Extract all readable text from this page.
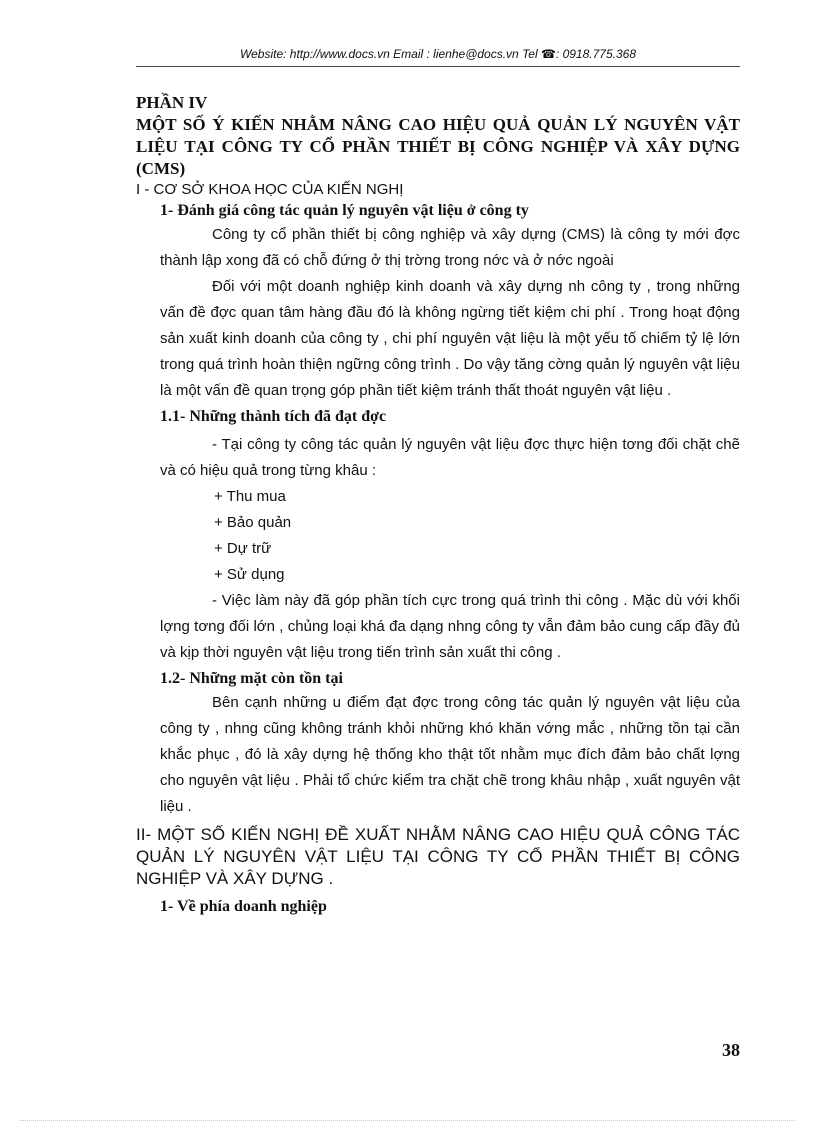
Website: http://www.docs.vn Email : lienhe@docs.vn Tel ☎: 0918.775.368

PHẦN IV

MỘT SỐ Ý KIẾN NHẰM NÂNG CAO HIỆU QUẢ QUẢN LÝ NGUYÊN VẬT LIỆU TẠI CÔNG TY CỔ PHẦN THIẾT BỊ CÔNG NGHIỆP VÀ XÂY DỰNG (CMS)

I - CƠ SỞ KHOA HỌC CỦA KIẾN NGHỊ

1- Đánh giá công tác quản lý nguyên vật liệu ở công ty

Công ty cổ phần thiết bị công nghiệp và xây dựng (CMS) là công ty mới đợc thành lập xong đã có chỗ đứng ở thị trờng trong nớc và ở nớc ngoài

Đối với một doanh nghiệp kinh doanh và xây dựng nh công ty , trong những vấn đề đợc quan tâm hàng đầu đó là không ngừng tiết kiệm chi phí . Trong hoạt động sản xuất kinh doanh của công ty , chi phí nguyên vật liệu là một yếu tố chiếm tỷ lệ lớn trong quá trình hoàn thiện ngững công trình . Do vậy tăng cờng quản lý nguyên vật liệu là một vấn đề quan trọng góp phần tiết kiệm tránh thất thoát nguyên vật liệu .

1.1- Những thành tích đã đạt đợc

- Tại công ty công tác quản lý nguyên vật liệu đợc thực hiện tơng đối chặt chẽ và có hiệu quả trong từng khâu :

+ Thu mua
+ Bảo quản
+ Dự trữ
+ Sử dụng

- Việc làm này đã góp phần tích cực trong quá trình thi công . Mặc dù với khối lợng tơng đối lớn , chủng loại khá đa dạng nhng công ty vẫn đảm bảo cung cấp đầy đủ và kịp thời nguyên vật liệu trong tiến trình sản xuất thi công .

1.2- Những mặt còn tồn tại

Bên cạnh những u điểm đạt đợc trong công tác quản lý nguyên vật liệu của công ty , nhng cũng không tránh khỏi những khó khăn vớng mắc , những tồn tại cần khắc phục , đó là xây dựng hệ thống kho thật tốt nhằm mục đích đảm bảo chất lợng cho nguyên vật liệu . Phải tổ chức kiểm tra chặt chẽ trong khâu nhập , xuất nguyên vật liệu .

II- MỘT SỐ KIẾN NGHỊ ĐỀ XUẤT NHẰM NÂNG CAO HIỆU QUẢ CÔNG TÁC QUẢN LÝ NGUYÊN VẬT LIỆU TẠI CÔNG TY CỔ PHẦN THIẾT BỊ CÔNG NGHIỆP VÀ XÂY DỰNG .

1- Về phía doanh nghiệp

38
